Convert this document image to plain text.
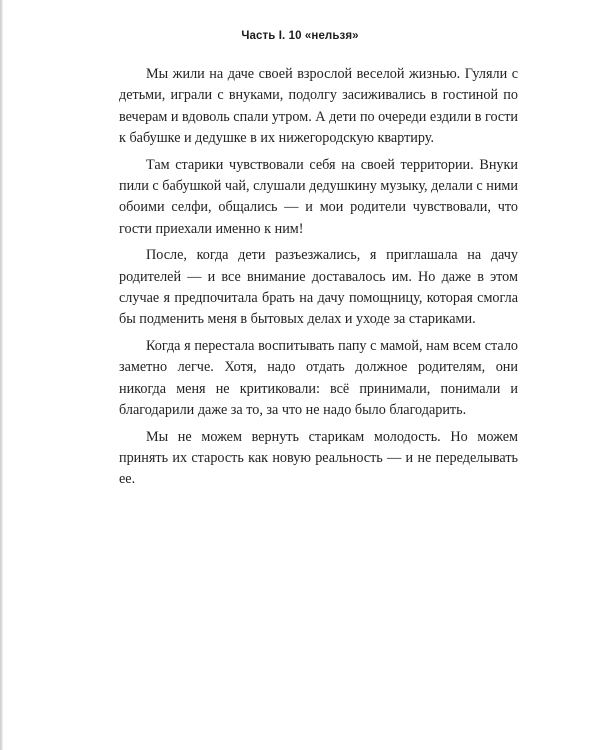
Часть I. 10 «нельзя»

Мы жили на даче своей взрослой веселой жизнью. Гуляли с детьми, играли с внуками, подолгу засиживались в гостиной по вечерам и вдоволь спали утром. А дети по очереди ездили в гости к бабушке и дедушке в их нижегородскую квартиру.

Там старики чувствовали себя на своей территории. Внуки пили с бабушкой чай, слушали дедушкину музыку, делали с ними обоими селфи, общались — и мои родители чувствовали, что гости приехали именно к ним!

После, когда дети разъезжались, я приглашала на дачу родителей — и все внимание доставалось им. Но даже в этом случае я предпочитала брать на дачу помощницу, которая смогла бы подменить меня в бытовых делах и уходе за стариками.

Когда я перестала воспитывать папу с мамой, нам всем стало заметно легче. Хотя, надо отдать должное родителям, они никогда меня не критиковали: всё принимали, понимали и благодарили даже за то, за что не надо было благодарить.

Мы не можем вернуть старикам молодость. Но можем принять их старость как новую реальность — и не переделывать ее.
